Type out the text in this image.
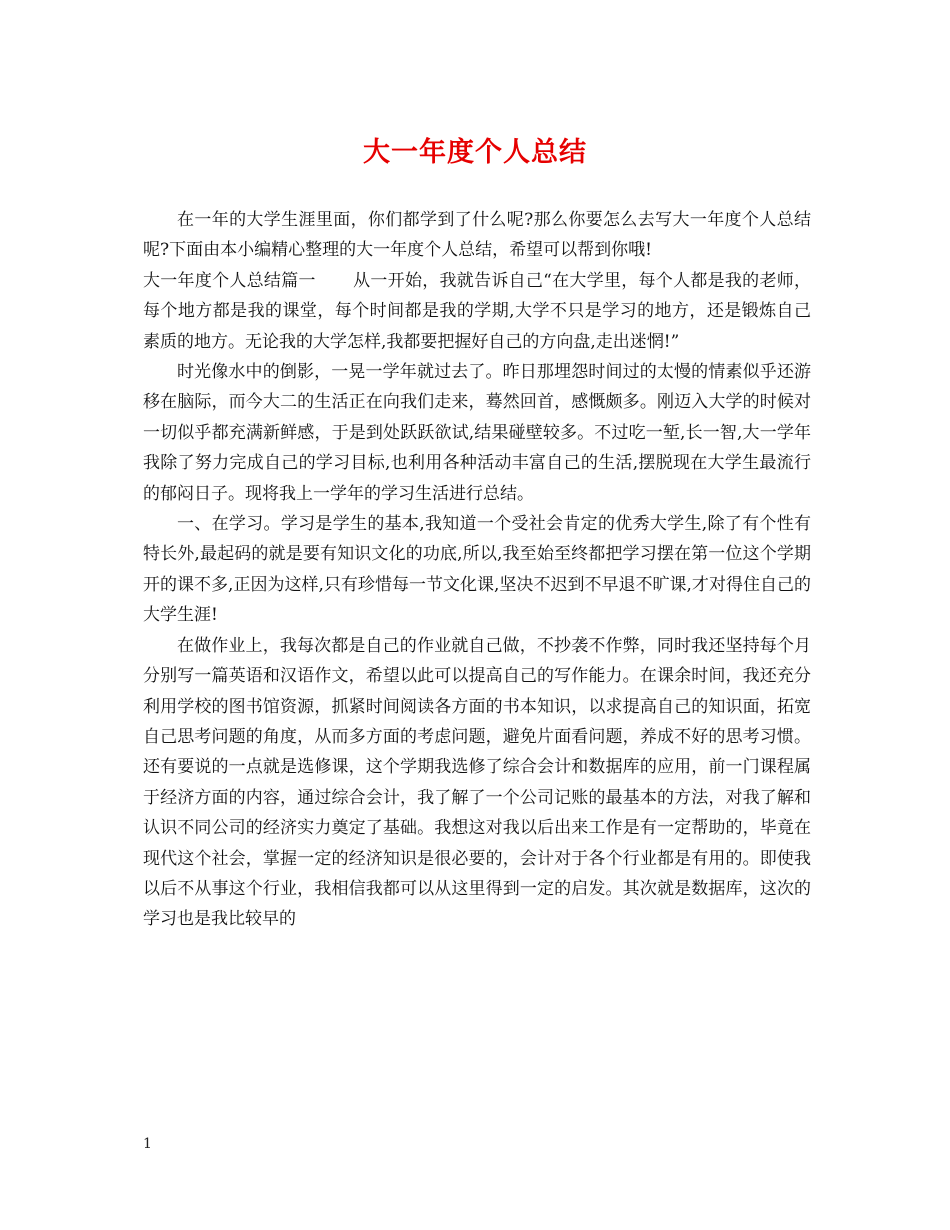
大一年度个人总结

在一年的大学生涯里面，你们都学到了什么呢?那么你要怎么去写大一年度个人总结呢?下面由本小编精心整理的大一年度个人总结，希望可以帮到你哦!

大一年度个人总结篇一 从一开始，我就告诉自己“在大学里，每个人都是我的老师，每个地方都是我的课堂，每个时间都是我的学期,大学不只是学习的地方，还是锻炼自己素质的地方。无论我的大学怎样,我都要把握好自己的方向盘,走出迷惘!”

时光像水中的倒影，一晃一学年就过去了。昨日那埋怨时间过的太慢的情素似乎还游移在脑际，而今大二的生活正在向我们走来，蓦然回首，感慨颇多。刚迈入大学的时候对一切似乎都充满新鲜感，于是到处跃跃欲试,结果碰壁较多。不过吃一堑,长一智,大一学年我除了努力完成自己的学习目标,也利用各种活动丰富自己的生活,摆脱现在大学生最流行的郁闷日子。现将我上一学年的学习生活进行总结。

一、在学习。学习是学生的基本,我知道一个受社会肯定的优秀大学生,除了有个性有特长外,最起码的就是要有知识文化的功底,所以,我至始至终都把学习摆在第一位这个学期开的课不多,正因为这样,只有珍惜每一节文化课,坚决不迟到不早退不旷课,才对得住自己的大学生涯!

在做作业上，我每次都是自己的作业就自己做，不抄袭不作弊，同时我还坚持每个月分别写一篇英语和汉语作文，希望以此可以提高自己的写作能力。在课余时间，我还充分利用学校的图书馆资源，抓紧时间阅读各方面的书本知识，以求提高自己的知识面，拓宽自己思考问题的角度，从而多方面的考虑问题，避免片面看问题，养成不好的思考习惯。还有要说的一点就是选修课，这个学期我选修了综合会计和数据库的应用，前一门课程属于经济方面的内容，通过综合会计，我了解了一个公司记账的最基本的方法，对我了解和认识不同公司的经济实力奠定了基础。我想这对我以后出来工作是有一定帮助的，毕竟在现代这个社会，掌握一定的经济知识是很必要的，会计对于各个行业都是有用的。即使我以后不从事这个行业，我相信我都可以从这里得到一定的启发。其次就是数据库，这次的学习也是我比较早的

1
